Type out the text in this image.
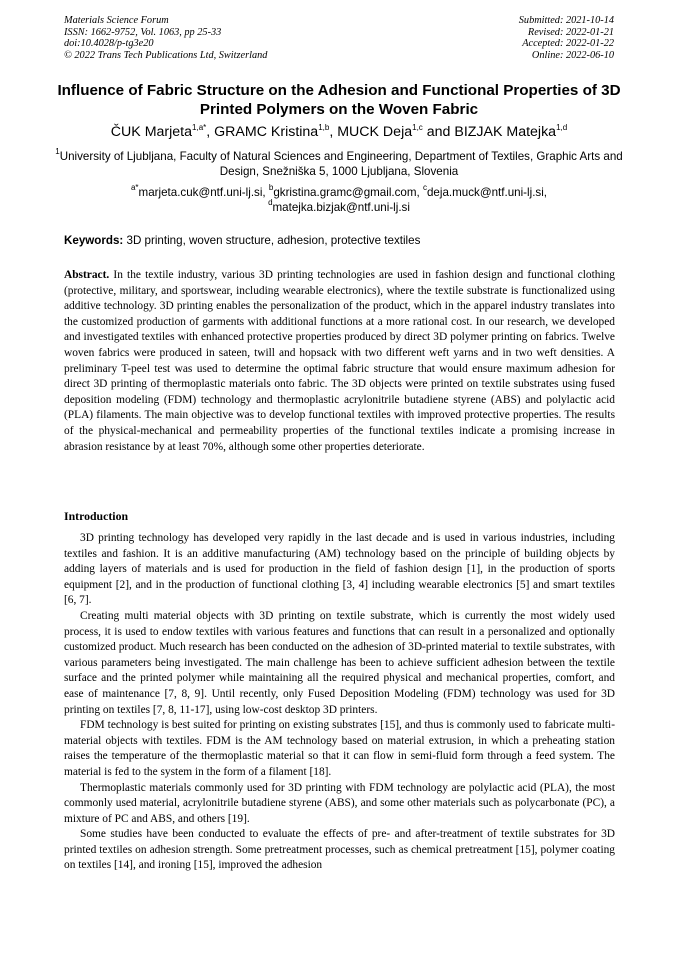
Materials Science Forum
ISSN: 1662-9752, Vol. 1063, pp 25-33
doi:10.4028/p-tg3e20
© 2022 Trans Tech Publications Ltd, Switzerland
Submitted: 2021-10-14
Revised: 2022-01-21
Accepted: 2022-01-22
Online: 2022-06-10
Influence of Fabric Structure on the Adhesion and Functional Properties of 3D Printed Polymers on the Woven Fabric
ČUK Marjeta$^{1,a*}$, GRAMC Kristina$^{1,b}$, MUCK Deja$^{1,c}$ and BIZJAK Matejka$^{1,d}$
$^1$University of Ljubljana, Faculty of Natural Sciences and Engineering, Department of Textiles, Graphic Arts and Design, Snežniška 5, 1000 Ljubljana, Slovenia
$^{a*}$marjeta.cuk@ntf.uni-lj.si, $^b$gkristina.gramc@gmail.com, $^c$deja.muck@ntf.uni-lj.si,
$^d$matejka.bizjak@ntf.uni-lj.si
Keywords: 3D printing, woven structure, adhesion, protective textiles
Abstract. In the textile industry, various 3D printing technologies are used in fashion design and functional clothing (protective, military, and sportswear, including wearable electronics), where the textile substrate is functionalized using additive technology. 3D printing enables the personalization of the product, which in the apparel industry translates into the customized production of garments with additional functions at a more rational cost. In our research, we developed and investigated textiles with enhanced protective properties produced by direct 3D polymer printing on fabrics. Twelve woven fabrics were produced in sateen, twill and hopsack with two different weft yarns and in two weft densities. A preliminary T-peel test was used to determine the optimal fabric structure that would ensure maximum adhesion for direct 3D printing of thermoplastic materials onto fabric. The 3D objects were printed on textile substrates using fused deposition modeling (FDM) technology and thermoplastic acrylonitrile butadiene styrene (ABS) and polylactic acid (PLA) filaments. The main objective was to develop functional textiles with improved protective properties. The results of the physical-mechanical and permeability properties of the functional textiles indicate a promising increase in abrasion resistance by at least 70%, although some other properties deteriorate.
Introduction

3D printing technology has developed very rapidly in the last decade and is used in various industries, including textiles and fashion. It is an additive manufacturing (AM) technology based on the principle of building objects by adding layers of materials and is used for production in the field of fashion design [1], in the production of sports equipment [2], and in the production of functional clothing [3, 4] including wearable electronics [5] and smart textiles [6, 7].

Creating multi material objects with 3D printing on textile substrate, which is currently the most widely used process, it is used to endow textiles with various features and functions that can result in a personalized and optionally customized product. Much research has been conducted on the adhesion of 3D-printed material to textile substrates, with various parameters being investigated. The main challenge has been to achieve sufficient adhesion between the textile surface and the printed polymer while maintaining all the required physical and mechanical properties, comfort, and ease of maintenance [7, 8, 9]. Until recently, only Fused Deposition Modeling (FDM) technology was used for 3D printing on textiles [7, 8, 11-17], using low-cost desktop 3D printers.

FDM technology is best suited for printing on existing substrates [15], and thus is commonly used to fabricate multi-material objects with textiles. FDM is the AM technology based on material extrusion, in which a preheating station raises the temperature of the thermoplastic material so that it can flow in semi-fluid form through a feed system. The material is fed to the system in the form of a filament [18].

Thermoplastic materials commonly used for 3D printing with FDM technology are polylactic acid (PLA), the most commonly used material, acrylonitrile butadiene styrene (ABS), and some other materials such as polycarbonate (PC), a mixture of PC and ABS, and others [19].

Some studies have been conducted to evaluate the effects of pre- and after-treatment of textile substrates for 3D printed textiles on adhesion strength. Some pretreatment processes, such as chemical pretreatment [15], polymer coating on textiles [14], and ironing [15], improved the adhesion
